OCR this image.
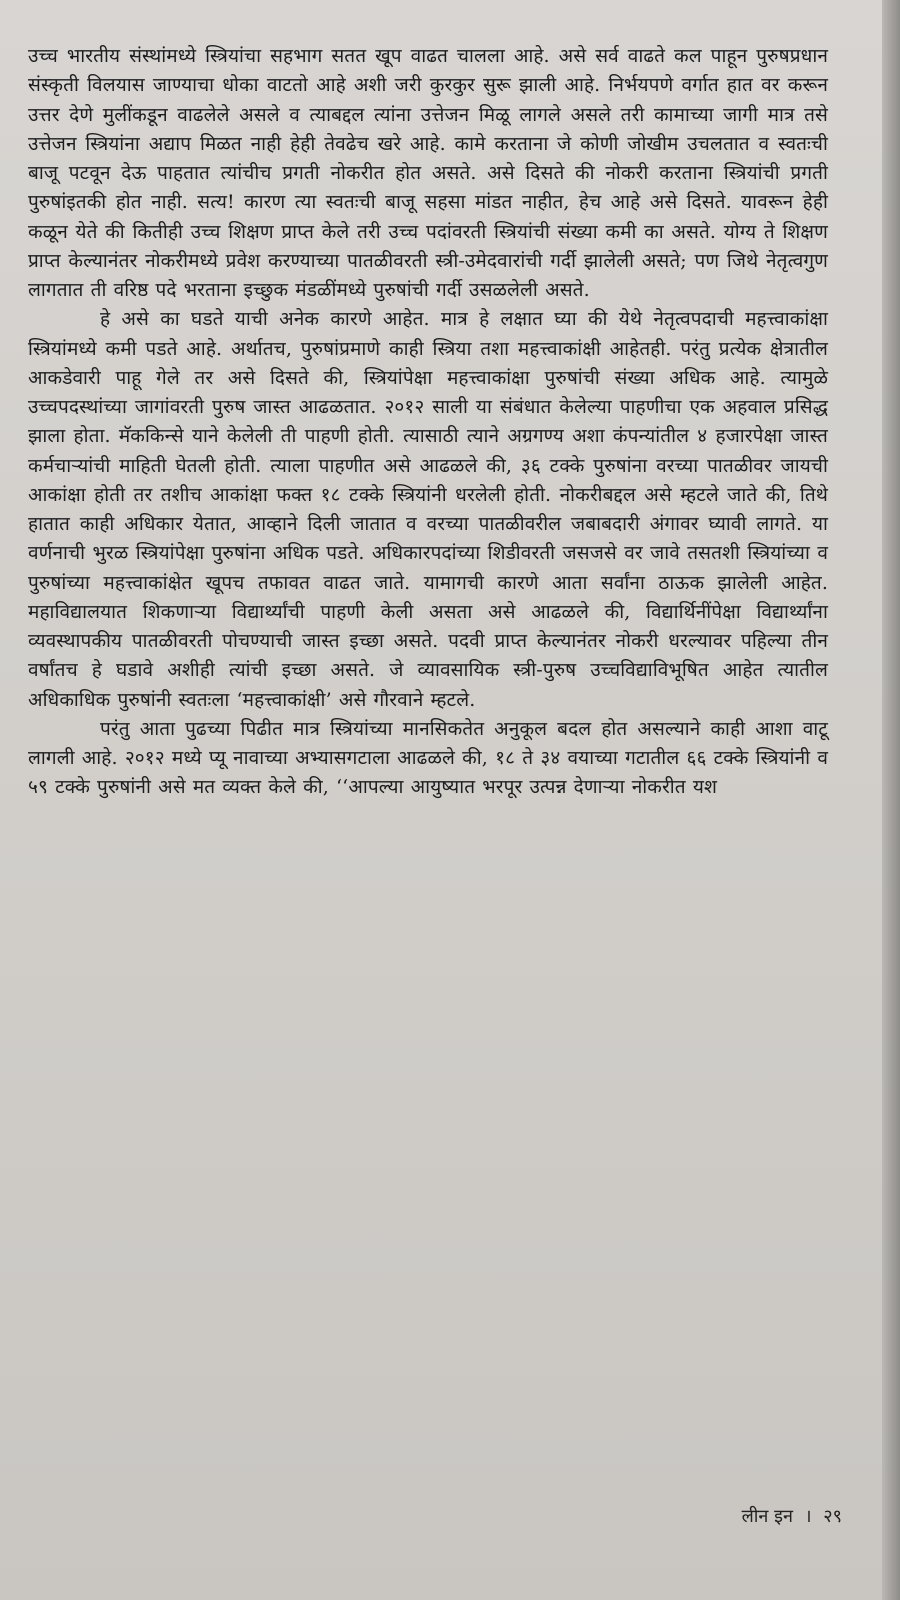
उच्च भारतीय संस्थांमध्ये स्त्रियांचा सहभाग सतत खूप वाढत चालला आहे. असे सर्व वाढते कल पाहून पुरुषप्रधान संस्कृती विलयास जाण्याचा धोका वाटतो आहे अशी जरी कुरकुर सुरू झाली आहे. निर्भयपणे वर्गात हात वर करून उत्तर देणे मुलींकडून वाढलेले असले व त्याबद्दल त्यांना उत्तेजन मिळू लागले असले तरी कामाच्या जागी मात्र तसे उत्तेजन स्त्रियांना अद्याप मिळत नाही हेही तेवढेच खरे आहे. कामे करताना जे कोणी जोखीम उचलतात व स्वतःची बाजू पटवून देऊ पाहतात त्यांचीच प्रगती नोकरीत होत असते. असे दिसते की नोकरी करताना स्त्रियांची प्रगती पुरुषांइतकी होत नाही. सत्य! कारण त्या स्वतःची बाजू सहसा मांडत नाहीत, हेच आहे असे दिसते. यावरून हेही कळून येते की कितीही उच्च शिक्षण प्राप्त केले तरी उच्च पदांवरती स्त्रियांची संख्या कमी का असते. योग्य ते शिक्षण प्राप्त केल्यानंतर नोकरीमध्ये प्रवेश करण्याच्या पातळीवरती स्त्री-उमेदवारांची गर्दी झालेली असते; पण जिथे नेतृत्वगुण लागतात ती वरिष्ठ पदे भरताना इच्छुक मंडळींमध्ये पुरुषांची गर्दी उसळलेली असते.

हे असे का घडते याची अनेक कारणे आहेत. मात्र हे लक्षात घ्या की येथे नेतृत्वपदाची महत्त्वाकांक्षा स्त्रियांमध्ये कमी पडते आहे. अर्थातच, पुरुषांप्रमाणे काही स्त्रिया तशा महत्त्वाकांक्षी आहेतही. परंतु प्रत्येक क्षेत्रातील आकडेवारी पाहू गेले तर असे दिसते की, स्त्रियांपेक्षा महत्त्वाकांक्षा पुरुषांची संख्या अधिक आहे. त्यामुळे उच्चपदस्थांच्या जागांवरती पुरुष जास्त आढळतात. २०१२ साली या संबंधात केलेल्या पाहणीचा एक अहवाल प्रसिद्ध झाला होता. मॅककिन्से याने केलेली ती पाहणी होती. त्यासाठी त्याने अग्रगण्य अशा कंपन्यांतील ४ हजारपेक्षा जास्त कर्मचाऱ्यांची माहिती घेतली होती. त्याला पाहणीत असे आढळले की, ३६ टक्के पुरुषांना वरच्या पातळीवर जायची आकांक्षा होती तर तशीच आकांक्षा फक्त १८ टक्के स्त्रियांनी धरलेली होती. नोकरीबद्दल असे म्हटले जाते की, तिथे हातात काही अधिकार येतात, आव्हाने दिली जातात व वरच्या पातळीवरील जबाबदारी अंगावर घ्यावी लागते. या वर्णनाची भुरळ स्त्रियांपेक्षा पुरुषांना अधिक पडते. अधिकारपदांच्या शिडीवरती जसजसे वर जावे तसतशी स्त्रियांच्या व पुरुषांच्या महत्त्वाकांक्षेत खूपच तफावत वाढत जाते. यामागची कारणे आता सर्वांना ठाऊक झालेली आहेत. महाविद्यालयात शिकणाऱ्या विद्यार्थ्यांची पाहणी केली असता असे आढळले की, विद्यार्थिनींपेक्षा विद्यार्थ्यांना व्यवस्थापकीय पातळीवरती पोचण्याची जास्त इच्छा असते. पदवी प्राप्त केल्यानंतर नोकरी धरल्यावर पहिल्या तीन वर्षांतच हे घडावे अशीही त्यांची इच्छा असते. जे व्यावसायिक स्त्री-पुरुष उच्चविद्याविभूषित आहेत त्यातील अधिकाधिक पुरुषांनी स्वतःला ‘महत्त्वाकांक्षी’ असे गौरवाने म्हटले.

परंतु आता पुढच्या पिढीत मात्र स्त्रियांच्या मानसिकतेत अनुकूल बदल होत असल्याने काही आशा वाटू लागली आहे. २०१२ मध्ये प्यू नावाच्या अभ्यासगटाला आढळले की, १८ ते ३४ वयाच्या गटातील ६६ टक्के स्त्रियांनी व ५९ टक्के पुरुषांनी असे मत व्यक्त केले की, ‘‘आपल्या आयुष्यात भरपूर उत्पन्न देणाऱ्या नोकरीत यश

लीन इन । २९
